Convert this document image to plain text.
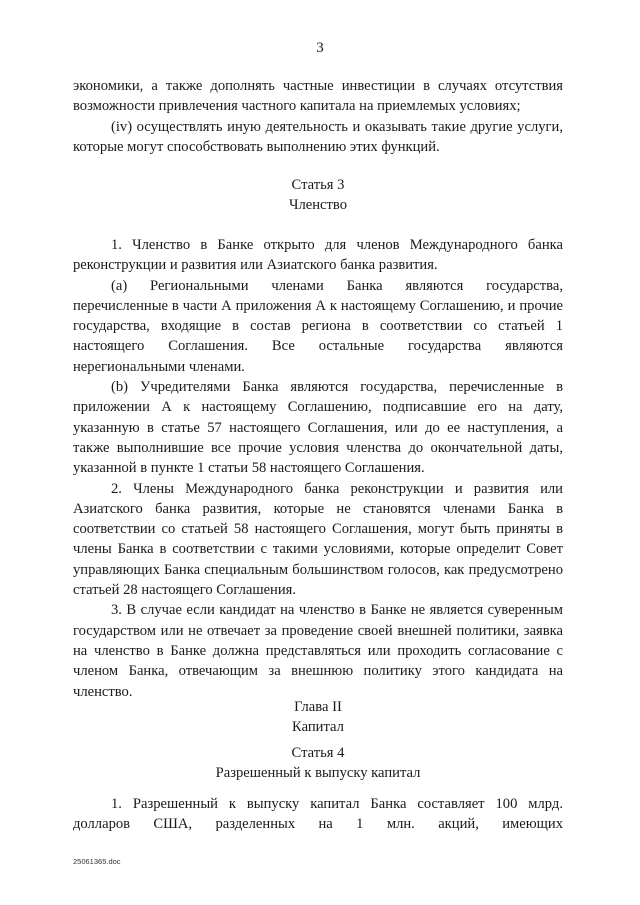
3

экономики, а также дополнять частные инвестиции в случаях отсутствия возможности привлечения частного капитала на приемлемых условиях;

(iv) осуществлять иную деятельность и оказывать такие другие услуги, которые могут способствовать выполнению этих функций.

Статья 3
Членство

1. Членство в Банке открыто для членов Международного банка реконструкции и развития или Азиатского банка развития.

(a) Региональными членами Банка являются государства, перечисленные в части А приложения А к настоящему Соглашению, и прочие государства, входящие в состав региона в соответствии со статьей 1 настоящего Соглашения. Все остальные государства являются нерегиональными членами.

(b) Учредителями Банка являются государства, перечисленные в приложении А к настоящему Соглашению, подписавшие его на дату, указанную в статье 57 настоящего Соглашения, или до ее наступления, а также выполнившие все прочие условия членства до окончательной даты, указанной в пункте 1 статьи 58 настоящего Соглашения.

2. Члены Международного банка реконструкции и развития или Азиатского банка развития, которые не становятся членами Банка в соответствии со статьей 58 настоящего Соглашения, могут быть приняты в члены Банка в соответствии с такими условиями, которые определит Совет управляющих Банка специальным большинством голосов, как предусмотрено статьей 28 настоящего Соглашения.

3. В случае если кандидат на членство в Банке не является суверенным государством или не отвечает за проведение своей внешней политики, заявка на членство в Банке должна представляться или проходить согласование с членом Банка, отвечающим за внешнюю политику этого кандидата на членство.

Глава II
Капитал
Статья 4
Разрешенный к выпуску капитал

1. Разрешенный к выпуску капитал Банка составляет 100 млрд. долларов США, разделенных на 1 млн. акций, имеющих

25061365.doc
